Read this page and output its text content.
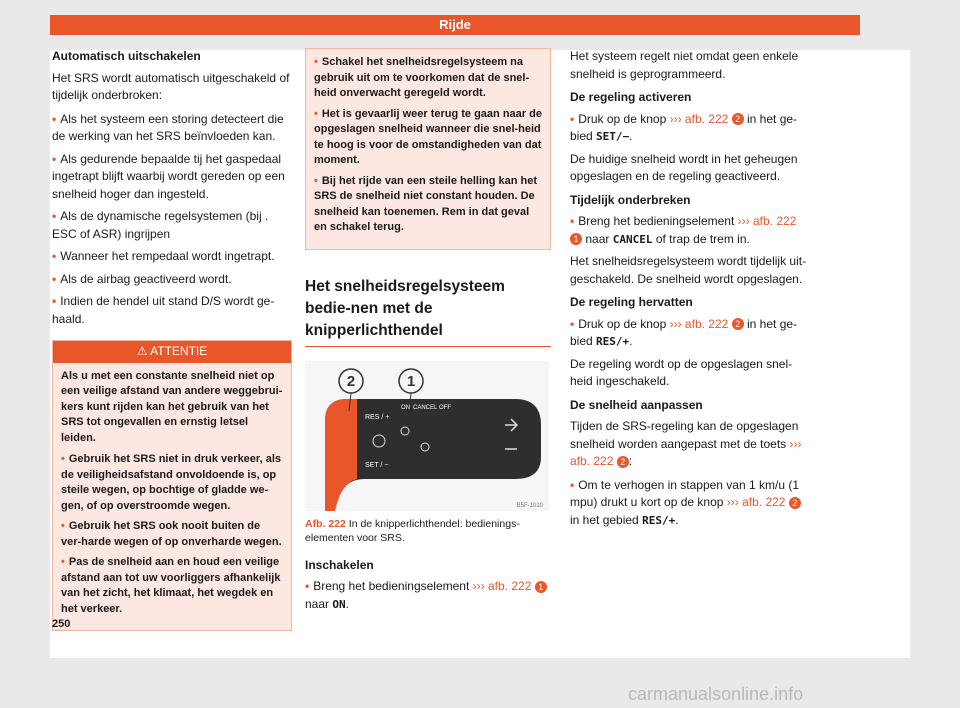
Rijde
Automatisch uitschakelen

Het SRS wordt automatisch uitgeschakeld of tijdelijk onderbroken:

• Als het systeem een storing detecteert die de werking van het SRS beïnvloeden kan.
• Als gedurende bepaalde tij het gaspedaal ingetrapt blijft waarbij wordt gereden op een snelheid hoger dan ingesteld.
• Als de dynamische regelsystemen (bij . ESC of ASR) ingrijpen
• Wanneer het rempedaal wordt ingetrapt.
• Als de airbag geactiveerd wordt.
• Indien de hendel uit stand D/S wordt ge-haald.
⚠ ATTENTIE

Als u met een constante snelheid niet op een veilige afstand van andere weggebrui-kers kunt rijden kan het gebruik van het SRS tot ongevallen en ernstig letsel leiden.

• Gebruik het SRS niet in druk verkeer, als de veiligheidsafstand onvoldoende is, op steile wegen, op bochtige of gladde we-gen, of op overstroomde wegen.
• Gebruik het SRS ook nooit buiten de ver-harde wegen of op onverharde wegen.
• Pas de snelheid aan en houd een veilige afstand aan tot uw voorliggers afhankelijk van het zicht, het klimaat, het wegdek en het verkeer.
• Schakel het snelheidsregelsysteem na gebruik uit om te voorkomen dat de snel-heid onverwacht geregeld wordt.
• Het is gevaarlij weer terug te gaan naar de opgeslagen snelheid wanneer die snel-heid te hoog is voor de omstandigheden van dat moment.
• Bij het rijde van een steile helling kan het SRS de snelheid niet constant houden. De snelheid kan toenemen. Rem in dat geval en schakel terug.
Het snelheidsregelsysteem bedie-nen met de knipperlichthendel
2	1
RES / +
SET / −
ON CANCEL OFF
B5F-1010
Afb. 222 In de knipperlichthendel: bedienings-elementen voor SRS.
Inschakelen
• Breng het bedieningselement ››› afb. 222 1 naar ON.

Het systeem regelt niet omdat geen enkele snelheid is geprogrammeerd.

De regeling activeren
• Druk op de knop ››› afb. 222 2 in het ge-bied SET/−.

De huidige snelheid wordt in het geheugen opgeslagen en de regeling geactiveerd.

Tijdelijk onderbreken
• Breng het bedieningselement ››› afb. 222 1 naar CANCEL of trap de trem in.

Het snelheidsregelsysteem wordt tijdelijk uit-geschakeld. De snelheid wordt opgeslagen.

De regeling hervatten
• Druk op de knop ››› afb. 222 2 in het ge-bied RES/+.

De regeling wordt op de opgeslagen snel-heid ingeschakeld.

De snelheid aanpassen

Tijden de SRS-regeling kan de opgeslagen snelheid worden aangepast met de toets ››› afb. 222 2 :

• Om te verhogen in stappen van 1 km/u (1 mpu) drukt u kort op de knop ››› afb. 222 2 in het gebied RES/+.
250
carmanualsonline.info
